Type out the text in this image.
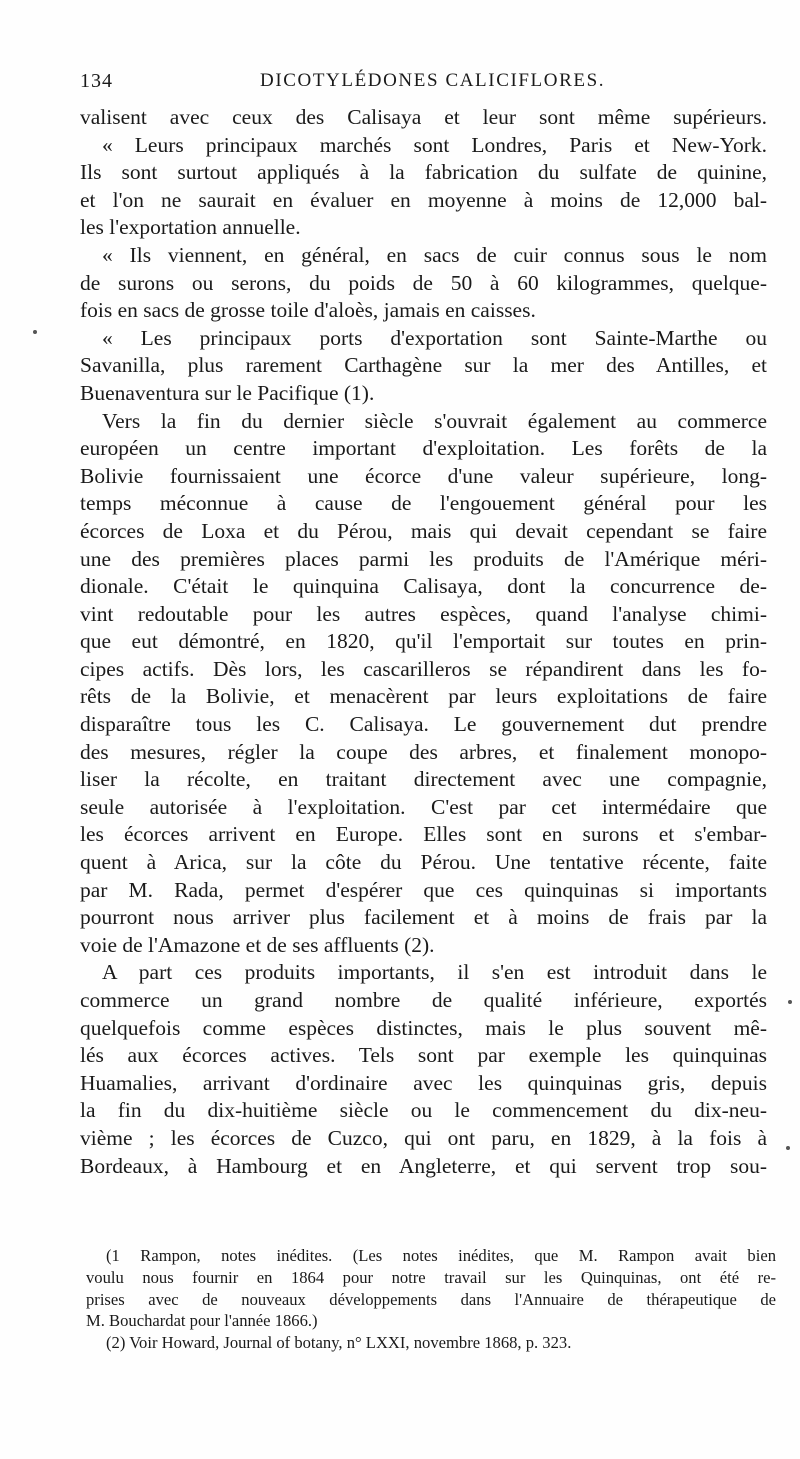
134	DICOTYLÉDONES CALICIFLORES.
valisent avec ceux des Calisaya et leur sont même supérieurs.
« Leurs principaux marchés sont Londres, Paris et New-York.
Ils sont surtout appliqués à la fabrication du sulfate de quinine,
et l'on ne saurait en évaluer en moyenne à moins de 12,000 bal-
les l'exportation annuelle.
« Ils viennent, en général, en sacs de cuir connus sous le nom
de surons ou serons, du poids de 50 à 60 kilogrammes, quelque-
fois en sacs de grosse toile d'aloès, jamais en caisses.
« Les principaux ports d'exportation sont Sainte-Marthe ou
Savanilla, plus rarement Carthagène sur la mer des Antilles, et
Buenaventura sur le Pacifique (1).
Vers la fin du dernier siècle s'ouvrait également au commerce
européen un centre important d'exploitation. Les forêts de la
Bolivie fournissaient une écorce d'une valeur supérieure, long-
temps méconnue à cause de l'engouement général pour les
écorces de Loxa et du Pérou, mais qui devait cependant se faire
une des premières places parmi les produits de l'Amérique méri-
dionale. C'était le quinquina Calisaya, dont la concurrence de-
vint redoutable pour les autres espèces, quand l'analyse chimi-
que eut démontré, en 1820, qu'il l'emportait sur toutes en prin-
cipes actifs. Dès lors, les cascarilleros se répandirent dans les fo-
rêts de la Bolivie, et menacèrent par leurs exploitations de faire
disparaître tous les C. Calisaya. Le gouvernement dut prendre
des mesures, régler la coupe des arbres, et finalement monopo-
liser la récolte, en traitant directement avec une compagnie,
seule autorisée à l'exploitation. C'est par cet intermédaire que
les écorces arrivent en Europe. Elles sont en surons et s'embar-
quent à Arica, sur la côte du Pérou. Une tentative récente, faite
par M. Rada, permet d'espérer que ces quinquinas si importants
pourront nous arriver plus facilement et à moins de frais par la
voie de l'Amazone et de ses affluents (2).
A part ces produits importants, il s'en est introduit dans le
commerce un grand nombre de qualité inférieure, exportés
quelquefois comme espèces distinctes, mais le plus souvent mê-
lés aux écorces actives. Tels sont par exemple les quinquinas
Huamalies, arrivant d'ordinaire avec les quinquinas gris, depuis
la fin du dix-huitième siècle ou le commencement du dix-neu-
vième ; les écorces de Cuzco, qui ont paru, en 1829, à la fois à
Bordeaux, à Hambourg et en Angleterre, et qui servent trop sou-
(1 Rampon, notes inédites. (Les notes inédites, que M. Rampon avait bien
voulu nous fournir en 1864 pour notre travail sur les Quinquinas, ont été re-
prises avec de nouveaux développements dans l'Annuaire de thérapeutique de
M. Bouchardat pour l'année 1866.)
(2) Voir Howard, Journal of botany, n° LXXI, novembre 1868, p. 323.
